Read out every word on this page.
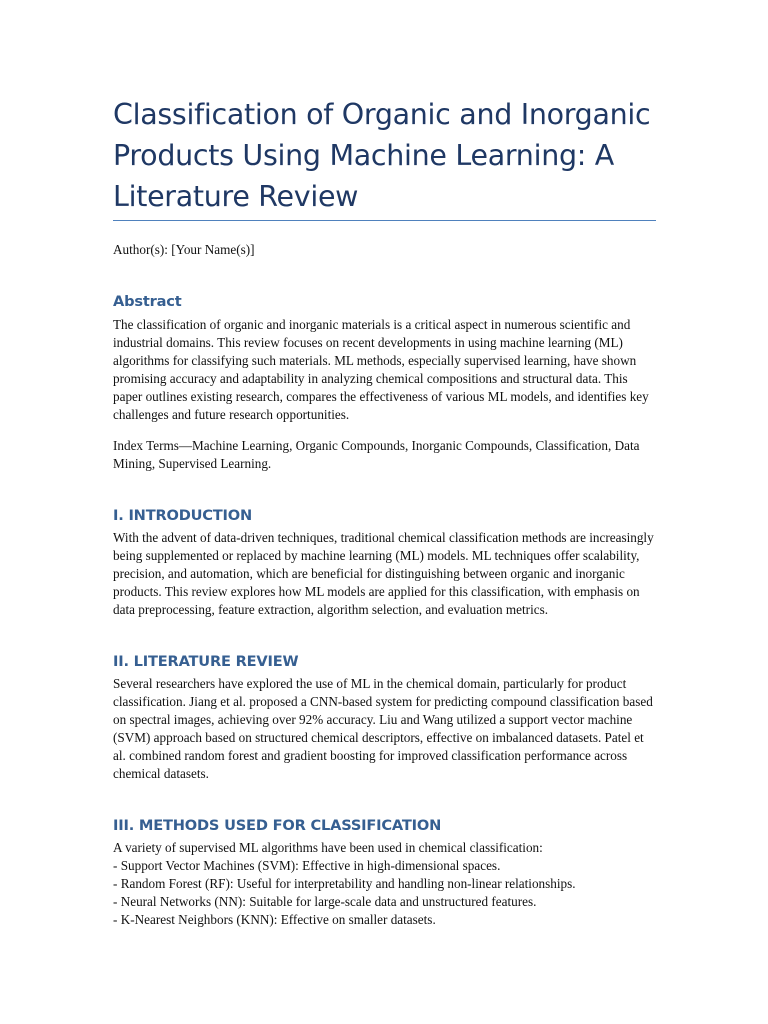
Classification of Organic and Inorganic Products Using Machine Learning: A Literature Review

Author(s): [Your Name(s)]

Abstract

The classification of organic and inorganic materials is a critical aspect in numerous scientific and industrial domains. This review focuses on recent developments in using machine learning (ML) algorithms for classifying such materials. ML methods, especially supervised learning, have shown promising accuracy and adaptability in analyzing chemical compositions and structural data. This paper outlines existing research, compares the effectiveness of various ML models, and identifies key challenges and future research opportunities.

Index Terms—Machine Learning, Organic Compounds, Inorganic Compounds, Classification, Data Mining, Supervised Learning.

I. INTRODUCTION

With the advent of data-driven techniques, traditional chemical classification methods are increasingly being supplemented or replaced by machine learning (ML) models. ML techniques offer scalability, precision, and automation, which are beneficial for distinguishing between organic and inorganic products. This review explores how ML models are applied for this classification, with emphasis on data preprocessing, feature extraction, algorithm selection, and evaluation metrics.

II. LITERATURE REVIEW

Several researchers have explored the use of ML in the chemical domain, particularly for product classification. Jiang et al. proposed a CNN-based system for predicting compound classification based on spectral images, achieving over 92% accuracy. Liu and Wang utilized a support vector machine (SVM) approach based on structured chemical descriptors, effective on imbalanced datasets. Patel et al. combined random forest and gradient boosting for improved classification performance across chemical datasets.

III. METHODS USED FOR CLASSIFICATION

A variety of supervised ML algorithms have been used in chemical classification:

- Support Vector Machines (SVM): Effective in high-dimensional spaces.
- Random Forest (RF): Useful for interpretability and handling non-linear relationships.
- Neural Networks (NN): Suitable for large-scale data and unstructured features.
- K-Nearest Neighbors (KNN): Effective on smaller datasets.
